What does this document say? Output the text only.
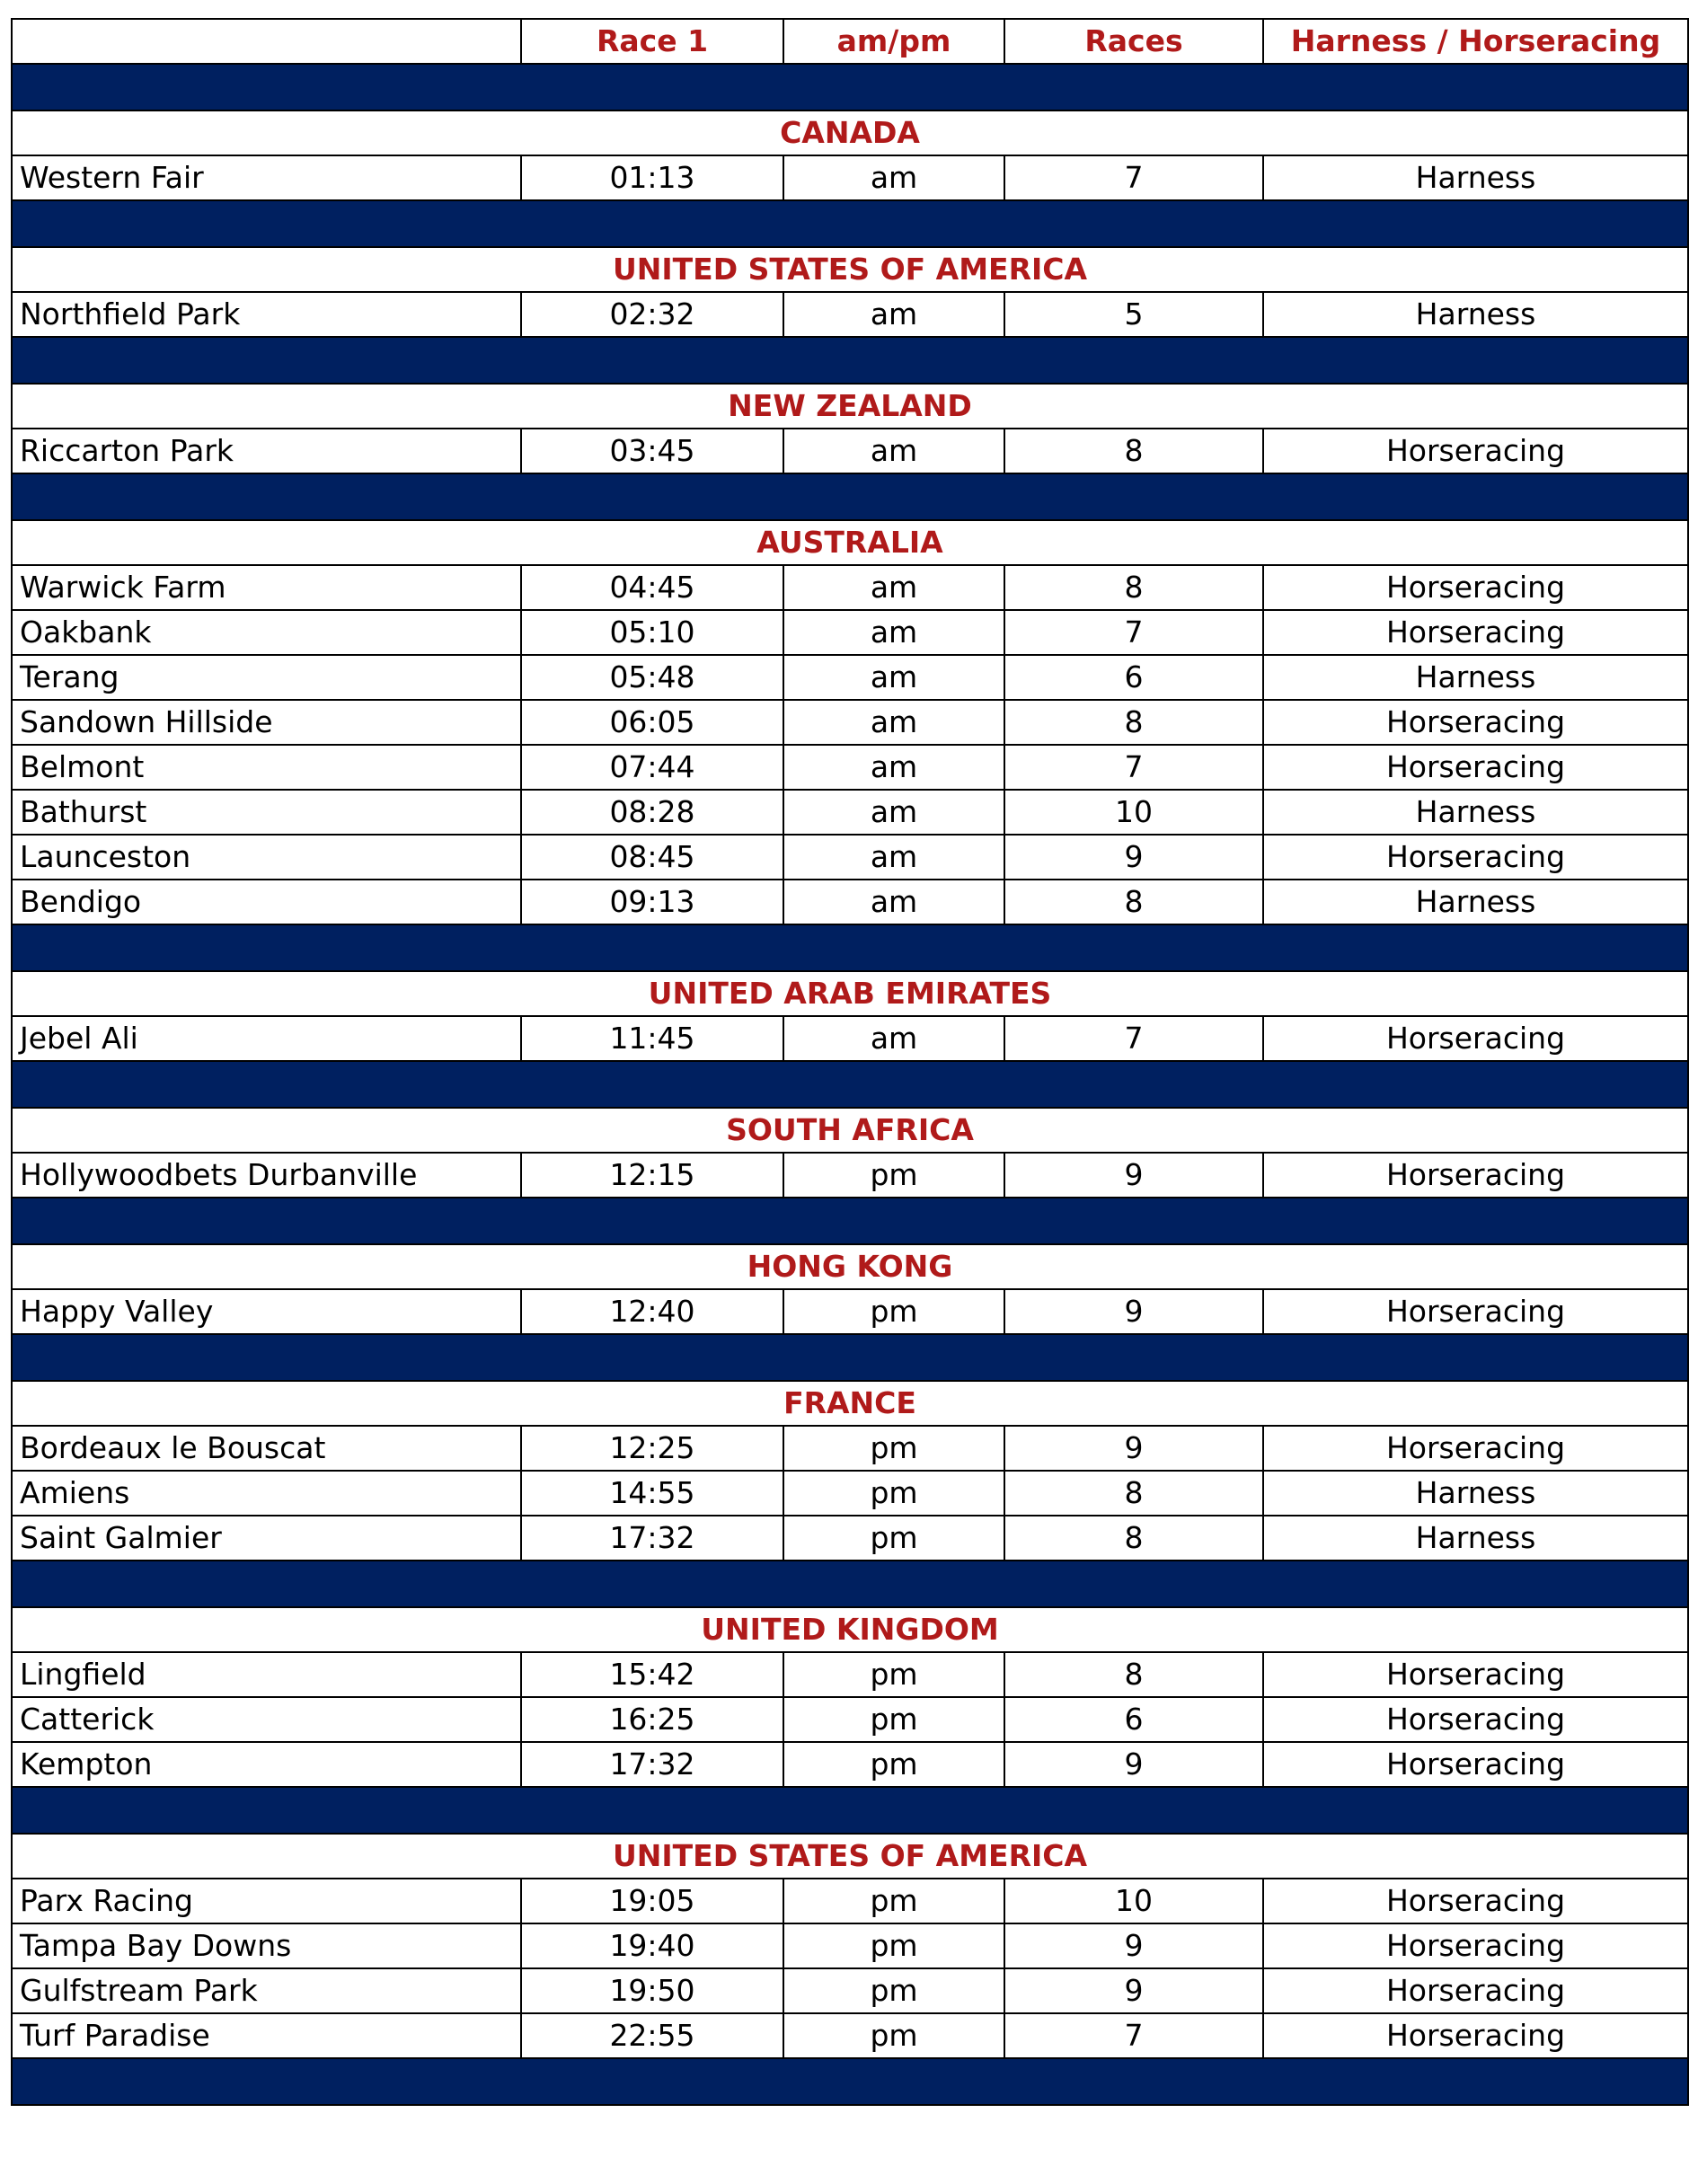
	Race 1	am/pm	Races	Harness / Horseracing

CANADA				
Western Fair	01:13	am	7	Harness

UNITED STATES OF AMERICA				
Northfield Park	02:32	am	5	Harness

NEW ZEALAND				
Riccarton Park	03:45	am	8	Horseracing

AUSTRALIA				
Warwick Farm	04:45	am	8	Horseracing
Oakbank	05:10	am	7	Horseracing
Terang	05:48	am	6	Harness
Sandown Hillside	06:05	am	8	Horseracing
Belmont	07:44	am	7	Horseracing
Bathurst	08:28	am	10	Harness
Launceston	08:45	am	9	Horseracing
Bendigo	09:13	am	8	Harness

UNITED ARAB EMIRATES				
Jebel Ali	11:45	am	7	Horseracing

SOUTH AFRICA				
Hollywoodbets Durbanville	12:15	pm	9	Horseracing

HONG KONG				
Happy Valley	12:40	pm	9	Horseracing

FRANCE				
Bordeaux le Bouscat	12:25	pm	9	Horseracing
Amiens	14:55	pm	8	Harness
Saint Galmier	17:32	pm	8	Harness

UNITED KINGDOM				
Lingfield	15:42	pm	8	Horseracing
Catterick	16:25	pm	6	Horseracing
Kempton	17:32	pm	9	Horseracing

UNITED STATES OF AMERICA				
Parx Racing	19:05	pm	10	Horseracing
Tampa Bay Downs	19:40	pm	9	Horseracing
Gulfstream Park	19:50	pm	9	Horseracing
Turf Paradise	22:55	pm	7	Horseracing
